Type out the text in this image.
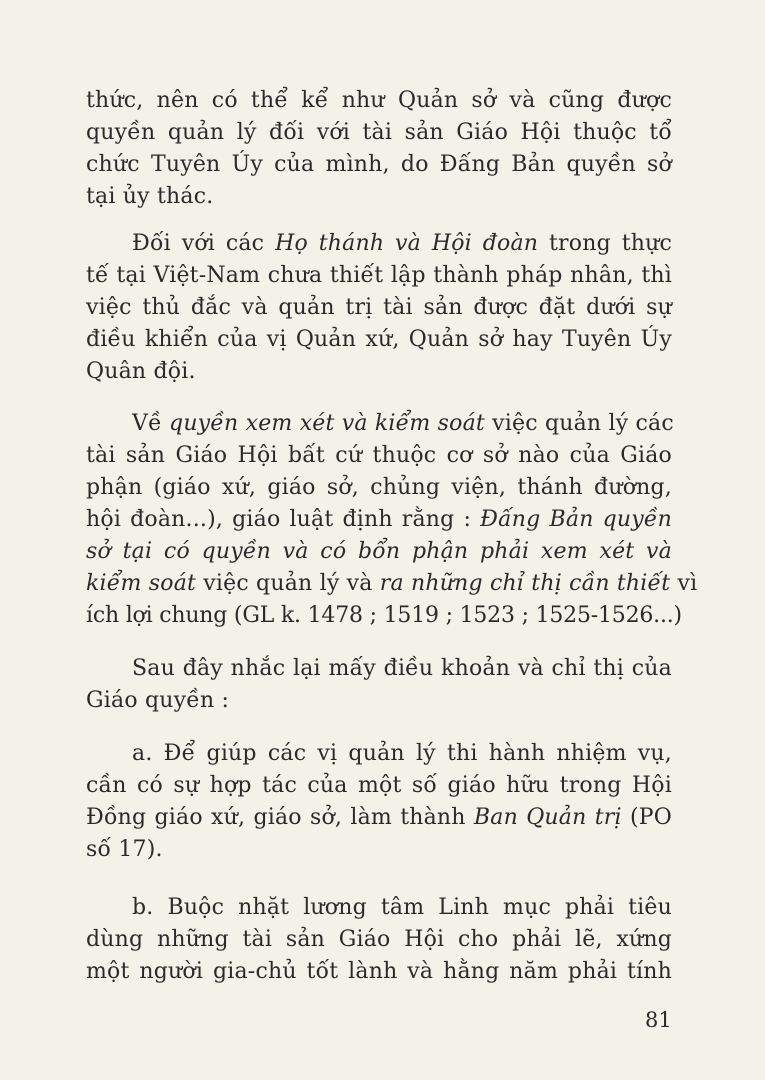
thức, nên có thể kể như Quản sở và cũng được
quyền quản lý đối với tài sản Giáo Hội thuộc tổ
chức Tuyên Úy của mình, do Đấng Bản quyền sở
tại ủy thác.
Đối với các Họ thánh và Hội đoàn trong thực
tế tại Việt-Nam chưa thiết lập thành pháp nhân, thì
việc thủ đắc và quản trị tài sản được đặt dưới sự
điều khiển của vị Quản xứ, Quản sở hay Tuyên Úy
Quân đội.
Về quyền xem xét và kiểm soát việc quản lý các
tài sản Giáo Hội bất cứ thuộc cơ sở nào của Giáo
phận (giáo xứ, giáo sở, chủng viện, thánh đường,
hội đoàn...), giáo luật định rằng : Đấng Bản quyền
sở tại có quyền và có bổn phận phải xem xét và
kiểm soát việc quản lý và ra những chỉ thị cần thiết vì
ích lợi chung (GL k. 1478 ; 1519 ; 1523 ; 1525-1526...)
Sau đây nhắc lại mấy điều khoản và chỉ thị của
Giáo quyền :
a. Để giúp các vị quản lý thi hành nhiệm vụ,
cần có sự hợp tác của một số giáo hữu trong Hội
Đồng giáo xứ, giáo sở, làm thành Ban Quản trị (PO
số 17).
b. Buộc nhặt lương tâm Linh mục phải tiêu
dùng những tài sản Giáo Hội cho phải lẽ, xứng
một người gia-chủ tốt lành và hằng năm phải tính
81
